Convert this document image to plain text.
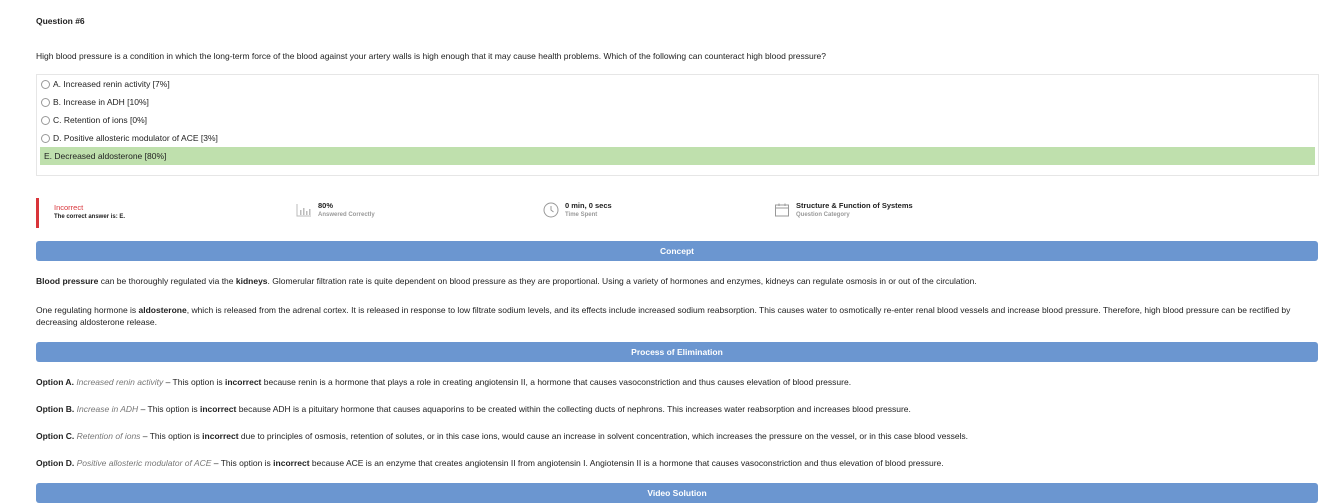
Question #6
High blood pressure is a condition in which the long-term force of the blood against your artery walls is high enough that it may cause health problems. Which of the following can counteract high blood pressure?
A. Increased renin activity [7%]
B. Increase in ADH [10%]
C. Retention of ions [0%]
D. Positive allosteric modulator of ACE [3%]
E. Decreased aldosterone [80%]
Incorrect
The correct answer is: E.
80%
Answered Correctly
0 min, 0 secs
Time Spent
Structure & Function of Systems
Question Category
Concept
Blood pressure can be thoroughly regulated via the kidneys. Glomerular filtration rate is quite dependent on blood pressure as they are proportional. Using a variety of hormones and enzymes, kidneys can regulate osmosis in or out of the circulation.
One regulating hormone is aldosterone, which is released from the adrenal cortex. It is released in response to low filtrate sodium levels, and its effects include increased sodium reabsorption. This causes water to osmotically re-enter renal blood vessels and increase blood pressure. Therefore, high blood pressure can be rectified by decreasing aldosterone release.
Process of Elimination
Option A. Increased renin activity – This option is incorrect because renin is a hormone that plays a role in creating angiotensin II, a hormone that causes vasoconstriction and thus causes elevation of blood pressure.
Option B. Increase in ADH – This option is incorrect because ADH is a pituitary hormone that causes aquaporins to be created within the collecting ducts of nephrons. This increases water reabsorption and increases blood pressure.
Option C. Retention of ions – This option is incorrect due to principles of osmosis, retention of solutes, or in this case ions, would cause an increase in solvent concentration, which increases the pressure on the vessel, or in this case blood vessels.
Option D. Positive allosteric modulator of ACE – This option is incorrect because ACE is an enzyme that creates angiotensin II from angiotensin I. Angiotensin II is a hormone that causes vasoconstriction and thus elevation of blood pressure.
Video Solution
